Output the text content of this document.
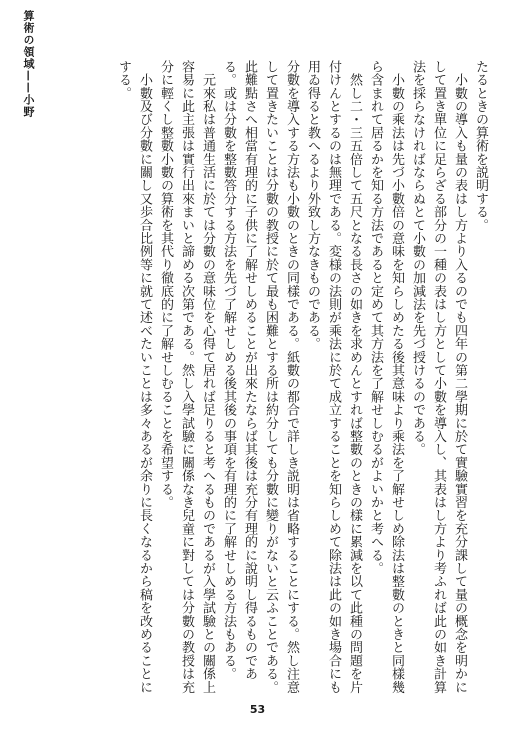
算術の領域——小野	たるときの算術を説明する。

　小數の導入も量の表はし方より入るのでも四年の第二學期に於て實驗實習を充分課して量の概念を明かにして置き單位に足らざる部分の一種の表はし方として小數を導入し、其表はし方より考ふれば此の如き計算法を採らなければならぬとて小數の加減法を先づ授けるのである。

　小數の乘法は先づ小數倍の意味を知らしめたる後其意味より乘法を了解せしめ除法は整數のときと同樣幾ら含まれて居るかを知る方法であると定めて其方法を了解せしむるがよいかと考へる。

　然し二・三五倍して五尺となる長さの如きを求めんとすれば整數のときの樣に累減を以て此種の問題を片付けんとするのは無理である。変様の法則が乘法に於て成立することを知らしめて除法は此の如き場合にも用ゐ得ると教へるより外致し方なきものである。

分數を導入する方法も小數のときの同樣である。紙數の都合で詳しき説明は省略することにする。然し注意して置きたいことは分數の教授に於て最も困難とする所は約分しても分數に變りがないと云ふことである。此難點さへ相當有理的に子供に了解せしめることが出來たならば其後は充分有理的に說明し得るものである。或は分數を整數答分する方法を先づ了解せしめる後其後の事項を有理的に了解せしめる方法もある。

　元來私は普通生活に於ては分數の意味位を心得て居れば足りると考へるものであるが入學試驗との關係上容易に此主張は實行出來まいと諦める次第である。然し入學試驗に關係なき兒童に對しては分數の教授は充分に輕くし整數小數の算術を其代り徹底的に了解せしむることを希望する。

　小數及び分數に關し又歩合比例等に就て述べたいことは多々あるが余りに長くなるから稿を改めることにする。

53
